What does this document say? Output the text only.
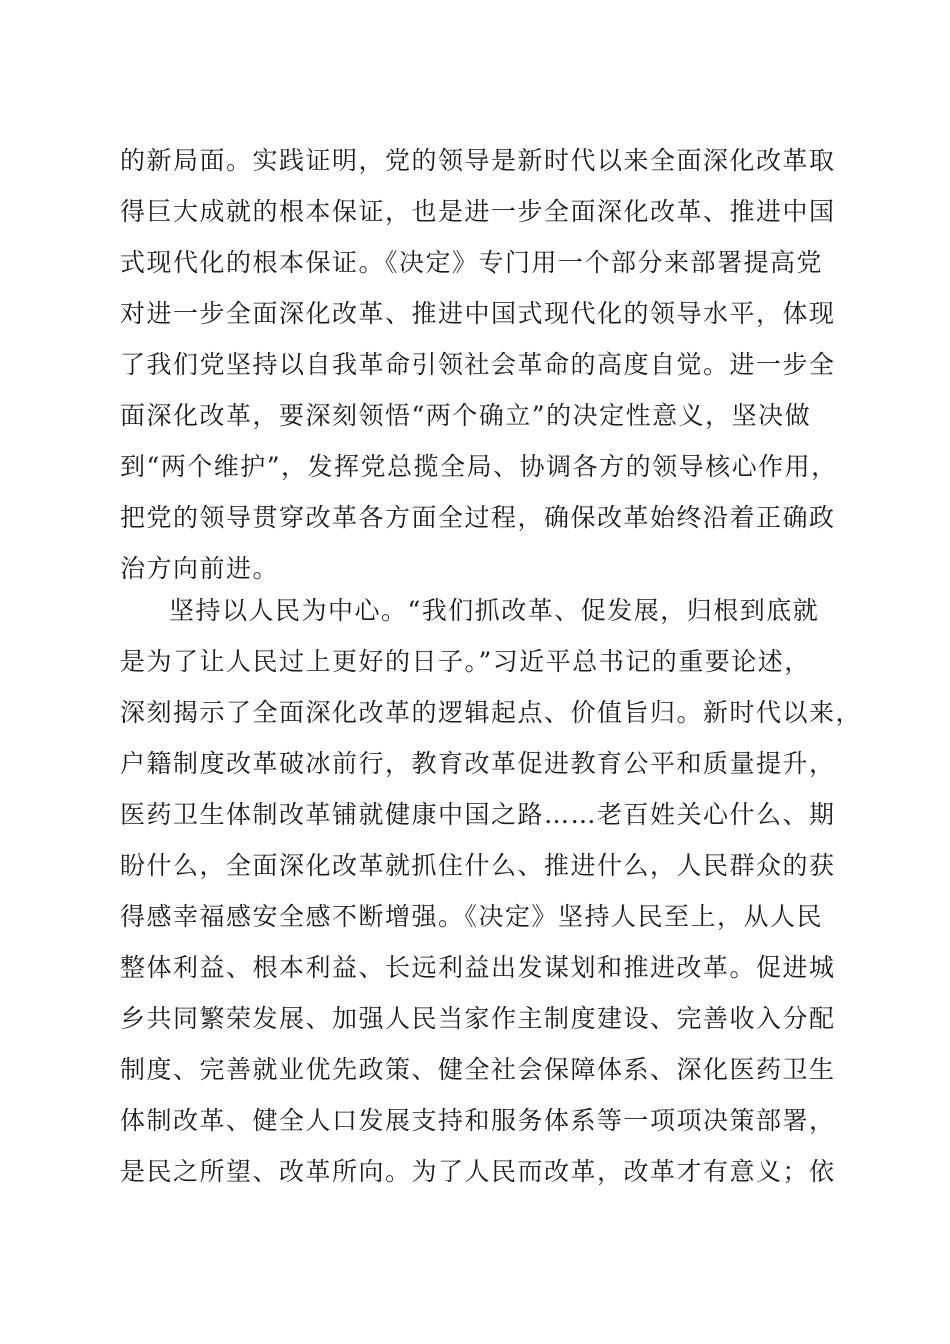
的新局面。实践证明，党的领导是新时代以来全面深化改革取
得巨大成就的根本保证，也是进一步全面深化改革、推进中国
式现代化的根本保证。《决定》专门用一个部分来部署提高党
对进一步全面深化改革、推进中国式现代化的领导水平，体现
了我们党坚持以自我革命引领社会革命的高度自觉。进一步全
面深化改革，要深刻领悟“两个确立”的决定性意义，坚决做
到“两个维护”，发挥党总揽全局、协调各方的领导核心作用，
把党的领导贯穿改革各方面全过程，确保改革始终沿着正确政
治方向前进。
坚持以人民为中心。“我们抓改革、促发展，归根到底就
是为了让人民过上更好的日子。”习近平总书记的重要论述，
深刻揭示了全面深化改革的逻辑起点、价值旨归。新时代以来，
户籍制度改革破冰前行，教育改革促进教育公平和质量提升，
医药卫生体制改革铺就健康中国之路……老百姓关心什么、期
盼什么，全面深化改革就抓住什么、推进什么，人民群众的获
得感幸福感安全感不断增强。《决定》坚持人民至上，从人民
整体利益、根本利益、长远利益出发谋划和推进改革。促进城
乡共同繁荣发展、加强人民当家作主制度建设、完善收入分配
制度、完善就业优先政策、健全社会保障体系、深化医药卫生
体制改革、健全人口发展支持和服务体系等一项项决策部署，
是民之所望、改革所向。为了人民而改革，改革才有意义；依
